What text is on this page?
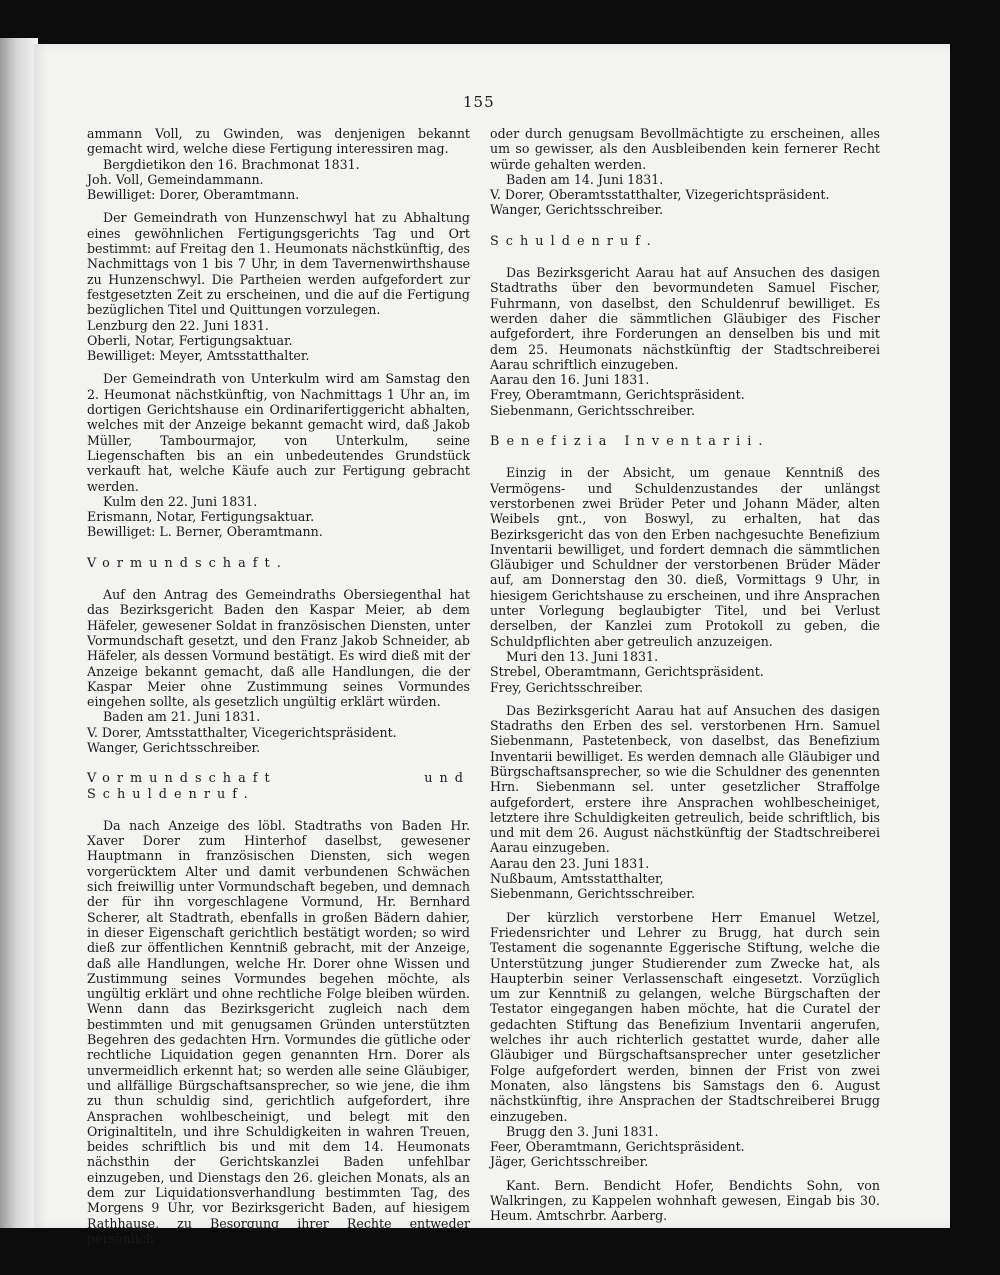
155

ammann Voll, zu Gwinden, was denjenigen bekannt gemacht wird, welche diese Fertigung interessiren mag.

Bergdietikon den 16. Brachmonat 1831.

Joh. Voll, Gemeindammann.

Bewilliget: Dorer, Oberamtmann.

Der Gemeindrath von Hunzenschwyl hat zu Abhaltung eines gewöhnlichen Fertigungsgerichts Tag und Ort bestimmt: auf Freitag den 1. Heumonats nächstkünftig, des Nachmittags von 1 bis 7 Uhr, in dem Tavernenwirthshause zu Hunzenschwyl. Die Partheien werden aufgefordert zur festgesetzten Zeit zu erscheinen, und die auf die Fertigung bezüglichen Titel und Quittungen vorzulegen.

Lenzburg den 22. Juni 1831.

Oberli, Notar, Fertigungsaktuar.

Bewilliget: Meyer, Amtsstatthalter.

Der Gemeindrath von Unterkulm wird am Samstag den 2. Heumonat nächstkünftig, von Nachmittags 1 Uhr an, im dortigen Gerichtshause ein Ordinarifertiggericht abhalten, welches mit der Anzeige bekannt gemacht wird, daß Jakob Müller, Tambourmajor, von Unterkulm, seine Liegenschaften bis an ein unbedeutendes Grundstück verkauft hat, welche Käufe auch zur Fertigung gebracht werden.

Kulm den 22. Juni 1831.

Erismann, Notar, Fertigungsaktuar.

Bewilliget: L. Berner, Oberamtmann.

Vormundschaft.

Auf den Antrag des Gemeindraths Obersiegenthal hat das Bezirksgericht Baden den Kaspar Meier, ab dem Häfeler, gewesener Soldat in französischen Diensten, unter Vormundschaft gesetzt, und den Franz Jakob Schneider, ab Häfeler, als dessen Vormund bestätigt. Es wird dieß mit der Anzeige bekannt gemacht, daß alle Handlungen, die der Kaspar Meier ohne Zustimmung seines Vormundes eingehen sollte, als gesetzlich ungültig erklärt würden.

Baden am 21. Juni 1831.

V. Dorer, Amtsstatthalter, Vicegerichtspräsident.

Wanger, Gerichtsschreiber.

Vormundschaft und Schuldenruf.

Da nach Anzeige des löbl. Stadtraths von Baden Hr. Xaver Dorer zum Hinterhof daselbst, gewesener Hauptmann in französischen Diensten, sich wegen vorgerücktem Alter und damit verbundenen Schwächen sich freiwillig unter Vormundschaft begeben, und demnach der für ihn vorgeschlagene Vormund, Hr. Bernhard Scherer, alt Stadtrath, ebenfalls in großen Bädern dahier, in dieser Eigenschaft gerichtlich bestätigt worden; so wird dieß zur öffentlichen Kenntniß gebracht, mit der Anzeige, daß alle Handlungen, welche Hr. Dorer ohne Wissen und Zustimmung seines Vormundes begehen möchte, als ungültig erklärt und ohne rechtliche Folge bleiben würden. Wenn dann das Bezirksgericht zugleich nach dem bestimmten und mit genugsamen Gründen unterstützten Begehren des gedachten Hrn. Vormundes die gütliche oder rechtliche Liquidation gegen genannten Hrn. Dorer als unvermeidlich erkennt hat; so werden alle seine Gläubiger, und allfällige Bürgschaftsansprecher, so wie jene, die ihm zu thun schuldig sind, gerichtlich aufgefordert, ihre Ansprachen wohlbescheinigt, und belegt mit den Originaltiteln, und ihre Schuldigkeiten in wahren Treuen, beides schriftlich bis und mit dem 14. Heumonats nächsthin der Gerichtskanzlei Baden unfehlbar einzugeben, und Dienstags den 26. gleichen Monats, als an dem zur Liquidationsverhandlung bestimmten Tag, des Morgens 9 Uhr, vor Bezirksgericht Baden, auf hiesigem Rathhause, zu Besorgung ihrer Rechte entweder persönlich

oder durch genugsam Bevollmächtigte zu erscheinen, alles um so gewisser, als den Ausbleibenden kein fernerer Recht würde gehalten werden.

Baden am 14. Juni 1831.

V. Dorer, Oberamtsstatthalter, Vizegerichtspräsident.

Wanger, Gerichtsschreiber.

Schuldenruf.

Das Bezirksgericht Aarau hat auf Ansuchen des dasigen Stadtraths über den bevormundeten Samuel Fischer, Fuhrmann, von daselbst, den Schuldenruf bewilliget. Es werden daher die sämmtlichen Gläubiger des Fischer aufgefordert, ihre Forderungen an denselben bis und mit dem 25. Heumonats nächstkünftig der Stadtschreiberei Aarau schriftlich einzugeben.

Aarau den 16. Juni 1831.

Frey, Oberamtmann, Gerichtspräsident.

Siebenmann, Gerichtsschreiber.

Benefizia Inventarii.

Einzig in der Absicht, um genaue Kenntniß des Vermögens- und Schuldenzustandes der unlängst verstorbenen zwei Brüder Peter und Johann Mäder, alten Weibels gnt., von Boswyl, zu erhalten, hat das Bezirksgericht das von den Erben nachgesuchte Benefizium Inventarii bewilliget, und fordert demnach die sämmtlichen Gläubiger und Schuldner der verstorbenen Brüder Mäder auf, am Donnerstag den 30. dieß, Vormittags 9 Uhr, in hiesigem Gerichtshause zu erscheinen, und ihre Ansprachen unter Vorlegung beglaubigter Titel, und bei Verlust derselben, der Kanzlei zum Protokoll zu geben, die Schuldpflichten aber getreulich anzuzeigen.

Muri den 13. Juni 1831.

Strebel, Oberamtmann, Gerichtspräsident.

Frey, Gerichtsschreiber.

Das Bezirksgericht Aarau hat auf Ansuchen des dasigen Stadraths den Erben des sel. verstorbenen Hrn. Samuel Siebenmann, Pastetenbeck, von daselbst, das Benefizium Inventarii bewilliget. Es werden demnach alle Gläubiger und Bürgschaftsansprecher, so wie die Schuldner des genennten Hrn. Siebenmann sel. unter gesetzlicher Straffolge aufgefordert, erstere ihre Ansprachen wohlbescheiniget, letztere ihre Schuldigkeiten getreulich, beide schriftlich, bis und mit dem 26. August nächstkünftig der Stadtschreiberei Aarau einzugeben.

Aarau den 23. Juni 1831.

Nußbaum, Amtsstatthalter,

Siebenmann, Gerichtsschreiber.

Der kürzlich verstorbene Herr Emanuel Wetzel, Friedensrichter und Lehrer zu Brugg, hat durch sein Testament die sogenannte Eggerische Stiftung, welche die Unterstützung junger Studierender zum Zwecke hat, als Haupterbin seiner Verlassenschaft eingesetzt. Vorzüglich um zur Kenntniß zu gelangen, welche Bürgschaften der Testator eingegangen haben möchte, hat die Curatel der gedachten Stiftung das Benefizium Inventarii angerufen, welches ihr auch richterlich gestattet wurde, daher alle Gläubiger und Bürgschaftsansprecher unter gesetzlicher Folge aufgefordert werden, binnen der Frist von zwei Monaten, also längstens bis Samstags den 6. August nächstkünftig, ihre Ansprachen der Stadtschreiberei Brugg einzugeben.

Brugg den 3. Juni 1831.

Feer, Oberamtmann, Gerichtspräsident.

Jäger, Gerichtsschreiber.

Kant. Bern. Bendicht Hofer, Bendichts Sohn, von Walkringen, zu Kappelen wohnhaft gewesen, Eingab bis 30. Heum. Amtschrbr. Aarberg.
